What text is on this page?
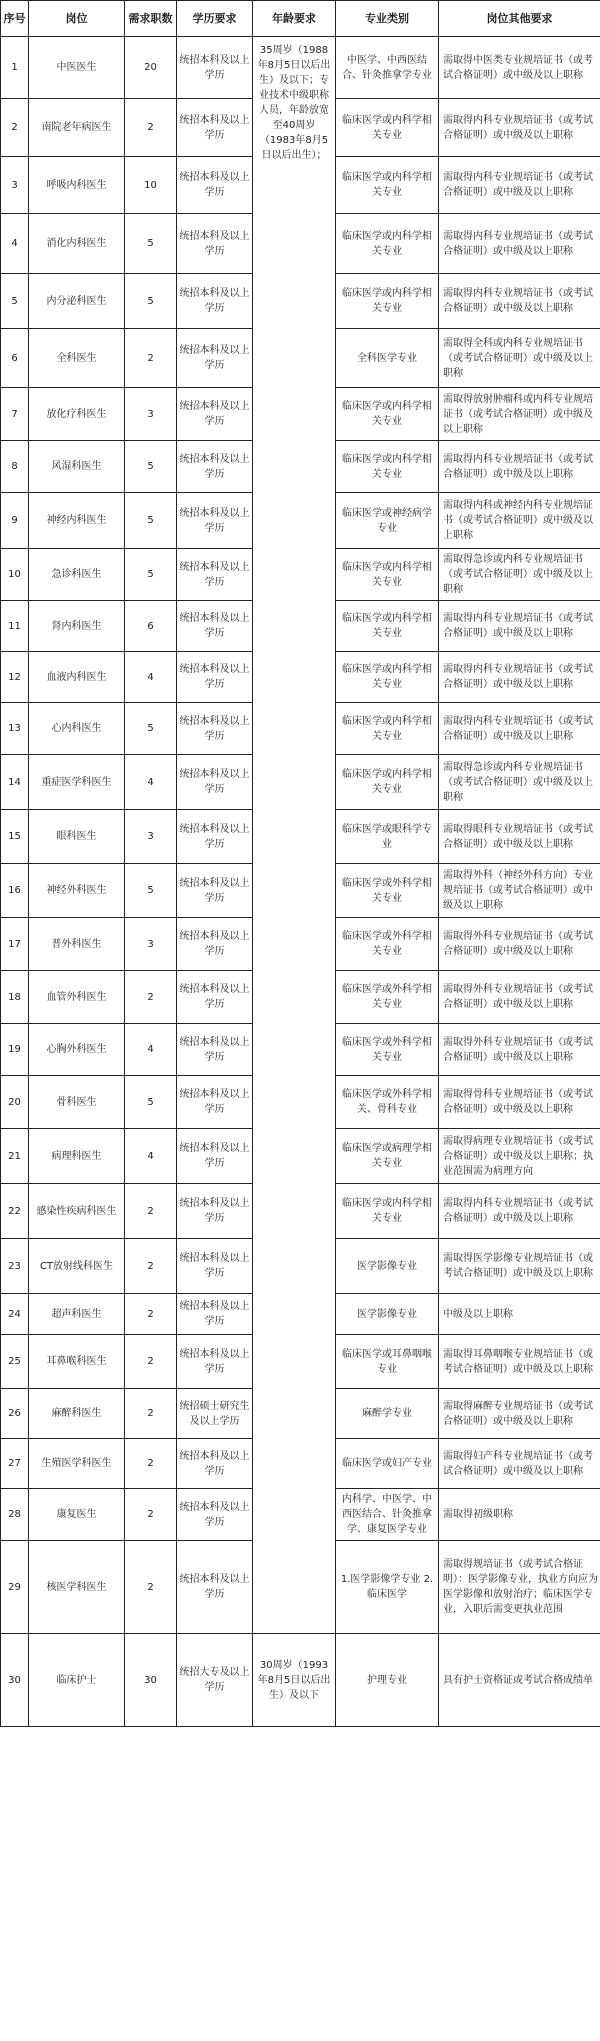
序号	岗位	需求职数	学历要求	年龄要求	专业类别	岗位其他要求
1	中医医生	20	统招本科及以上学历	35周岁（1988年8月5日以后出生）及以下；专业技术中级职称人员，年龄放宽至40周岁（1983年8月5日以后出生）；	中医学、中西医结合、针灸推拿学专业	需取得中医类专业规培证书（或考试合格证明）或中级及以上职称
2	南院老年病医生	2	统招本科及以上学历		临床医学或内科学相关专业	需取得内科专业规培证书（或考试合格证明）或中级及以上职称
3	呼吸内科医生	10	统招本科及以上学历		临床医学或内科学相关专业	需取得内科专业规培证书（或考试合格证明）或中级及以上职称
4	消化内科医生	5	统招本科及以上学历		临床医学或内科学相关专业	需取得内科专业规培证书（或考试合格证明）或中级及以上职称
5	内分泌科医生	5	统招本科及以上学历		临床医学或内科学相关专业	需取得内科专业规培证书（或考试合格证明）或中级及以上职称
6	全科医生	2	统招本科及以上学历		全科医学专业	需取得全科或内科专业规培证书（或考试合格证明）或中级及以上职称
7	放化疗科医生	3	统招本科及以上学历		临床医学或内科学相关专业	需取得放射肿瘤科或内科专业规培证书（或考试合格证明）或中级及以上职称
8	风湿科医生	5	统招本科及以上学历		临床医学或内科学相关专业	需取得内科专业规培证书（或考试合格证明）或中级及以上职称
9	神经内科医生	5	统招本科及以上学历		临床医学或神经病学专业	需取得内科或神经内科专业规培证书（或考试合格证明）或中级及以上职称
10	急诊科医生	5	统招本科及以上学历		临床医学或内科学相关专业	需取得急诊或内科专业规培证书（或考试合格证明）或中级及以上职称
11	肾内科医生	6	统招本科及以上学历		临床医学或内科学相关专业	需取得内科专业规培证书（或考试合格证明）或中级及以上职称
12	血液内科医生	4	统招本科及以上学历		临床医学或内科学相关专业	需取得内科专业规培证书（或考试合格证明）或中级及以上职称
13	心内科医生	5	统招本科及以上学历		临床医学或内科学相关专业	需取得内科专业规培证书（或考试合格证明）或中级及以上职称
14	重症医学科医生	4	统招本科及以上学历		临床医学或内科学相关专业	需取得急诊或内科专业规培证书（或考试合格证明）或中级及以上职称
15	眼科医生	3	统招本科及以上学历		临床医学或眼科学专业	需取得眼科专业规培证书（或考试合格证明）或中级及以上职称
16	神经外科医生	5	统招本科及以上学历		临床医学或外科学相关专业	需取得外科（神经外科方向）专业规培证书（或考试合格证明）或中级及以上职称
17	普外科医生	3	统招本科及以上学历		临床医学或外科学相关专业	需取得外科专业规培证书（或考试合格证明）或中级及以上职称
18	血管外科医生	2	统招本科及以上学历		临床医学或外科学相关专业	需取得外科专业规培证书（或考试合格证明）或中级及以上职称
19	心胸外科医生	4	统招本科及以上学历		临床医学或外科学相关专业	需取得外科专业规培证书（或考试合格证明）或中级及以上职称
20	骨科医生	5	统招本科及以上学历		临床医学或外科学相关、骨科专业	需取得骨科专业规培证书（或考试合格证明）或中级及以上职称
21	病理科医生	4	统招本科及以上学历		临床医学或病理学相关专业	需取得病理专业规培证书（或考试合格证明）或中级及以上职称；执业范围需为病理方向
22	感染性疾病科医生	2	统招本科及以上学历		临床医学或内科学相关专业	需取得内科专业规培证书（或考试合格证明）或中级及以上职称
23	CT放射线科医生	2	统招本科及以上学历		医学影像专业	需取得医学影像专业规培证书（或考试合格证明）或中级及以上职称
24	超声科医生	2	统招本科及以上学历		医学影像专业	中级及以上职称
25	耳鼻喉科医生	2	统招本科及以上学历		临床医学或耳鼻咽喉专业	需取得耳鼻咽喉专业规培证书（或考试合格证明）或中级及以上职称
26	麻醉科医生	2	统招硕士研究生及以上学历		麻醉学专业	需取得麻醉专业规培证书（或考试合格证明）或中级及以上职称
27	生殖医学科医生	2	统招本科及以上学历		临床医学或妇产专业	需取得妇产科专业规培证书（或考试合格证明）或中级及以上职称
28	康复医生	2	统招本科及以上学历		内科学、中医学、中西医结合、针灸推拿学、康复医学专业	需取得初级职称
29	核医学科医生	2	统招本科及以上学历		1.医学影像学专业 2.临床医学	需取得规培证书（或考试合格证明）：医学影像专业，执业方向应为医学影像和放射治疗；临床医学专业，入职后需变更执业范围
30	临床护士	30	统招大专及以上学历	30周岁（1993年8月5日以后出生）及以下	护理专业	具有护士资格证或考试合格成绩单
